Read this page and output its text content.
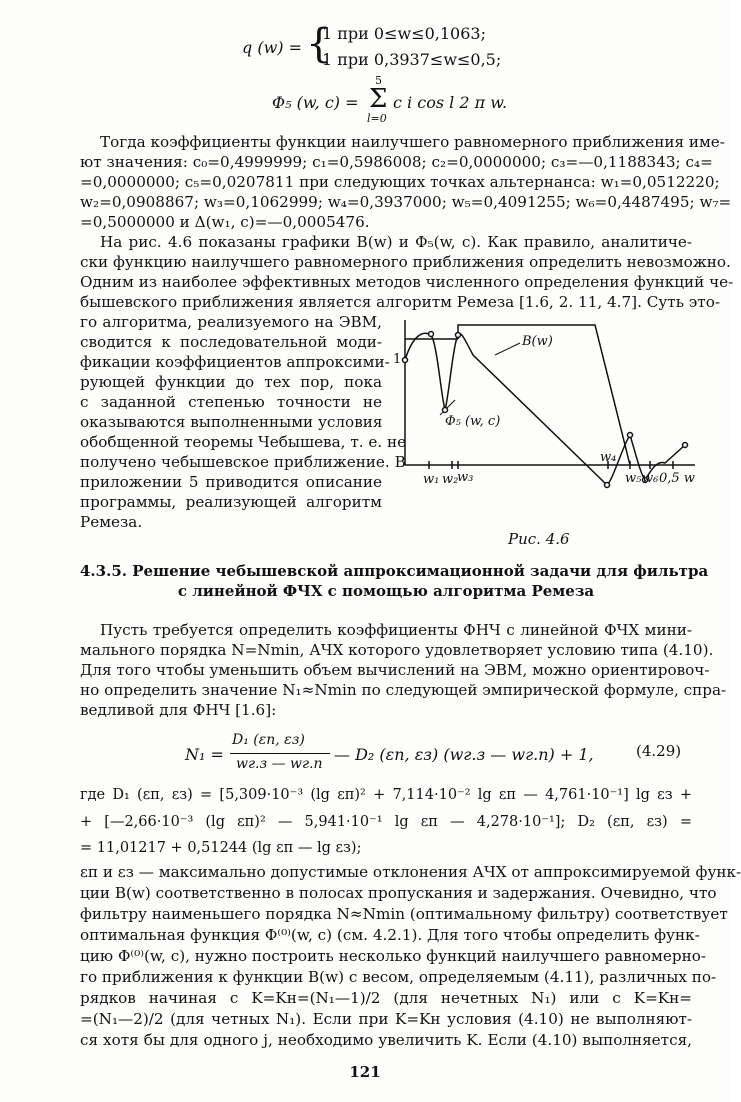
q (w) = {
1 при 0≤w≤0,1063;
1 при 0,3937≤w≤0,5;
Φ₅ (w, c) =
5
Σ
l=0
c i cos l 2 π w.
Тогда коэффициенты функции наилучшего равномерного приближения име-
ют значения: c₀=0,4999999; c₁=0,5986008; c₂=0,0000000; c₃=—0,1188343; c₄=
=0,0000000; c₅=0,0207811 при следующих точках альтернанса: w₁=0,0512220;
w₂=0,0908867; w₃=0,1062999; w₄=0,3937000; w₅=0,4091255; w₆=0,4487495; w₇=
=0,5000000 и Δ(w₁, c)=—0,0005476.
На рис. 4.6 показаны графики B(w) и Φ₅(w, c). Как правило, аналитиче-
ски функцию наилучшего равномерного приближения определить невозможно.
Одним из наиболее эффективных методов численного определения функций че-
бышевского приближения является алгоритм Ремеза [1.6, 2. 11, 4.7]. Суть это-
го алгоритма, реализуемого на ЭВМ,
сводится к последовательной моди-
фикации коэффициентов аппроксими-
рующей функции до тех пор, пока
с заданной степенью точности не
оказываются выполненными условия
обобщенной теоремы Чебышева, т. е. не
получено чебышевское приближение. В
приложении 5 приводится описание
программы, реализующей алгоритм
Ремеза.
B(w)
Φ₅ (w, c)
1
w₁ w₂
w₃
w₄
w₅ w₆ 0,5 w
Рис. 4.6
4.3.5. Решение чебышевской аппроксимационной задачи для фильтра
с линейной ФЧХ с помощью алгоритма Ремеза
Пусть требуется определить коэффициенты ФНЧ с линейной ФЧХ мини-
мального порядка N=Nmin, АЧХ которого удовлетворяет условию типа (4.10).
Для того чтобы уменьшить объем вычислений на ЭВМ, можно ориентировоч-
но определить значение N₁≈Nmin по следующей эмпирической формуле, спра-
ведливой для ФНЧ [1.6]:
N₁ =
D₁ (εп, εз)
wг.з — wг.п — D₂ (εп, εз) (wг.з — wг.п) + 1,	(4.29)
где D₁ (εп, εз) = [5,309·10⁻³ (lg εп)² + 7,114·10⁻² lg εп — 4,761·10⁻¹] lg εз +
+ [—2,66·10⁻³ (lg εп)² — 5,941·10⁻¹ lg εп — 4,278·10⁻¹]; D₂ (εп, εз) =
= 11,01217 + 0,51244 (lg εп — lg εз);
εп и εз — максимально допустимые отклонения АЧХ от аппроксимируемой функ-
ции B(w) соответственно в полосах пропускания и задержания. Очевидно, что
фильтру наименьшего порядка N≈Nmin (оптимальному фильтру) соответствует
оптимальная функция Φ⁽⁰⁾(w, c) (см. 4.2.1). Для того чтобы определить функ-
цию Φ⁽⁰⁾(w, c), нужно построить несколько функций наилучшего равномерно-
го приближения к функции B(w) с весом, определяемым (4.11), различных по-
рядков начиная с K=Kн=(N₁—1)/2 (для нечетных N₁) или с K=Kн=
=(N₁—2)/2 (для четных N₁). Если при K=Kн условия (4.10) не выполняют-
ся хотя бы для одного j, необходимо увеличить K. Если (4.10) выполняется,
121
